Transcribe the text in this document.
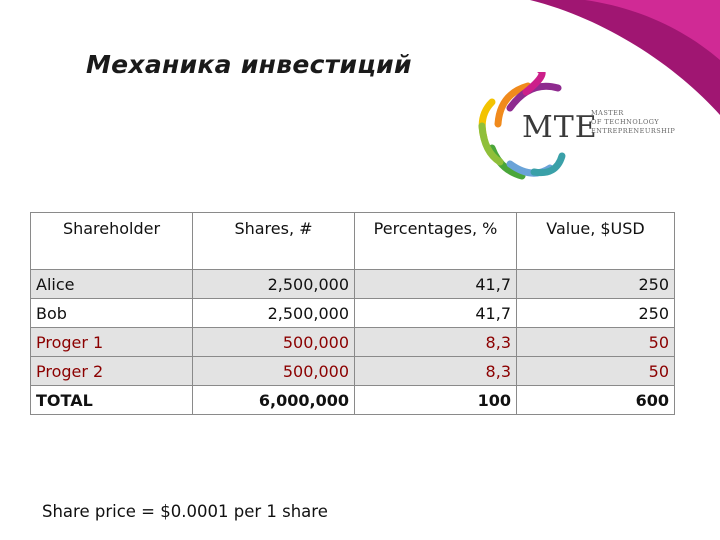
Механика инвестиций
MTE
MASTER
OF TECHNOLOGY
ENTREPRENEURSHIP
Shareholder	Shares, #	Percentages, %	Value, $USD
Alice	2,500,000	41,7	250
Bob	2,500,000	41,7	250
Proger 1	500,000	8,3	50
Proger 2	500,000	8,3	50
TOTAL	6,000,000	100	600
Share price = $0.0001 per 1 share
